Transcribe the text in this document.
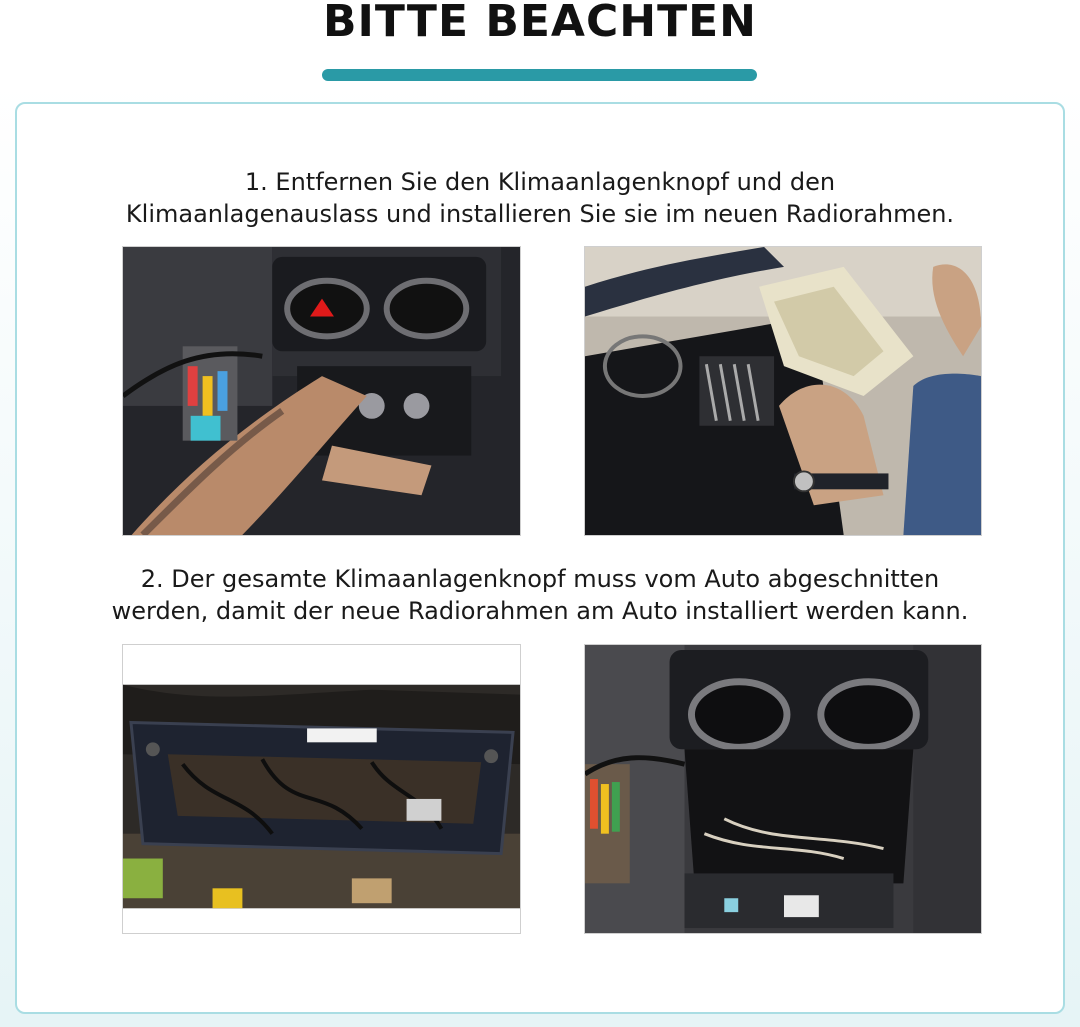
BITTE BEACHTEN
1. Entfernen Sie den Klimaanlagenknopf und den
Klimaanlagenauslass und installieren Sie sie im neuen Radiorahmen.
2. Der gesamte Klimaanlagenknopf muss vom Auto abgeschnitten
werden, damit der neue Radiorahmen am Auto installiert werden kann.
